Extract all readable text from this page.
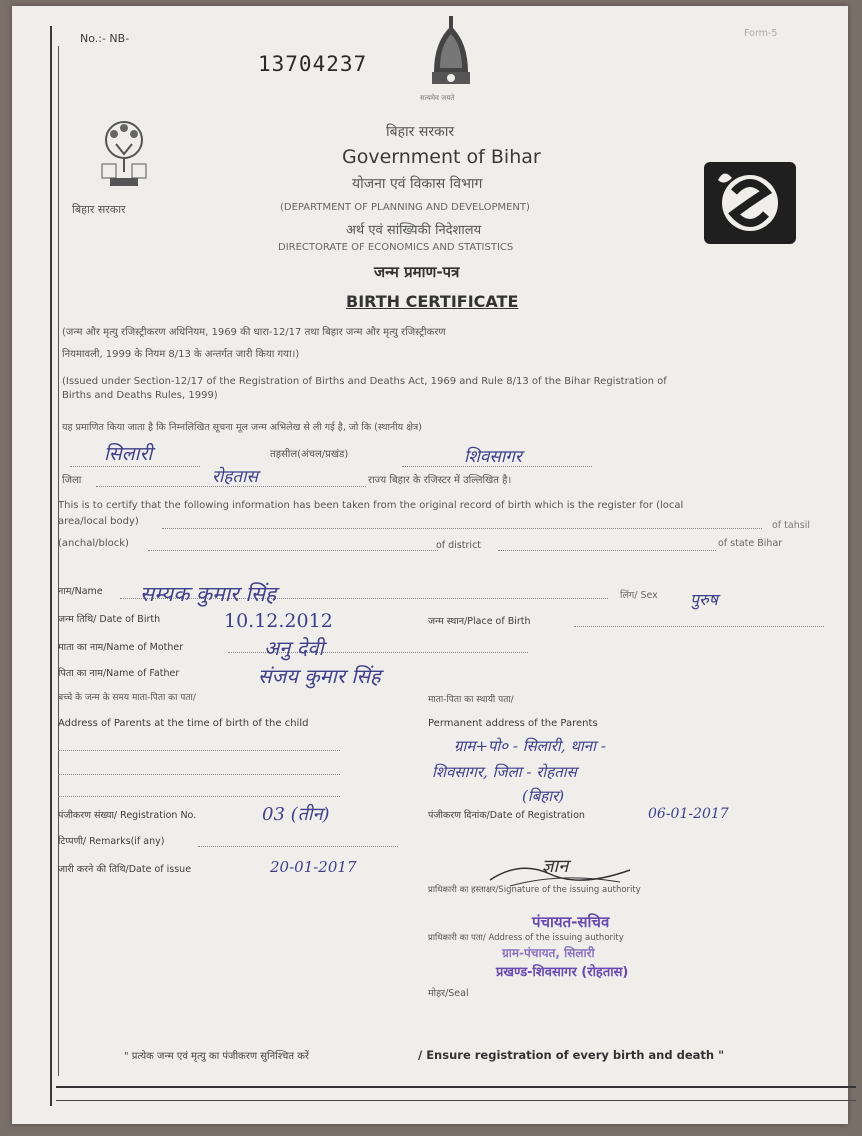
No.:- NB-
13704237
Form-5
सत्यमेव जयते
बिहार सरकार
बिहार सरकार
Government of Bihar
योजना एवं विकास विभाग
(DEPARTMENT OF PLANNING AND DEVELOPMENT)
अर्थ एवं सांख्यिकी निदेशालय
DIRECTORATE OF ECONOMICS AND STATISTICS
जन्म प्रमाण-पत्र
BIRTH CERTIFICATE
(जन्म और मृत्यु रजिस्ट्रीकरण अधिनियम, 1969 की धारा-12/17 तथा बिहार जन्म और मृत्यु रजिस्ट्रीकरण
नियमावली, 1999 के नियम 8/13 के अन्तर्गत जारी किया गया।)
(Issued under Section-12/17 of the Registration of Births and Deaths Act, 1969 and Rule 8/13 of the Bihar Registration of
Births and Deaths Rules, 1999)
यह प्रमाणित किया जाता है कि निम्नलिखित सूचना मूल जन्म अभिलेख से ली गई है, जो कि (स्थानीय क्षेत्र)
सिलारी	तहसील(अंचल/प्रखंड)	शिवसागर
जिला	रोहतास	राज्य बिहार के रजिस्टर में उल्लिखित है।
This is to certify that the following information has been taken from the original record of birth which is the register for (local
area/local body)	of tahsil
(anchal/block)	of district	of state Bihar
नाम/Name सम्यक कुमार सिंह	लिंग/ Sex पुरुष
जन्म तिथि/ Date of Birth	10.12.2012	जन्म स्थान/Place of Birth
माता का नाम/Name of Mother	अनु देवी
पिता का नाम/Name of Father	संजय कुमार सिंह
बच्चे के जन्म के समय माता-पिता का पता/	माता-पिता का स्थायी पता/
Address of Parents at the time of birth of the child	Permanent address of the Parents
ग्राम+पो० - सिलारी, थाना -
शिवसागर, जिला - रोहतास
(बिहार)
पंजीकरण संख्या/ Registration No.	03 (तीन)	पंजीकरण दिनांक/Date of Registration	06-01-2017
टिप्पणी/ Remarks(if any)
जारी करने की तिथि/Date of issue	20-01-2017	ज्ञान
प्राधिकारी का हस्ताक्षर/Signature of the issuing authority
पंचायत-सचिव
प्राधिकारी का पता/ Address of the issuing authority
ग्राम-पंचायत, सिलारी
प्रखण्ड-शिवसागर (रोहतास)
मोहर/Seal
" प्रत्येक जन्म एवं मृत्यु का पंजीकरण सुनिश्चित करें	/ Ensure registration of every birth and death "
